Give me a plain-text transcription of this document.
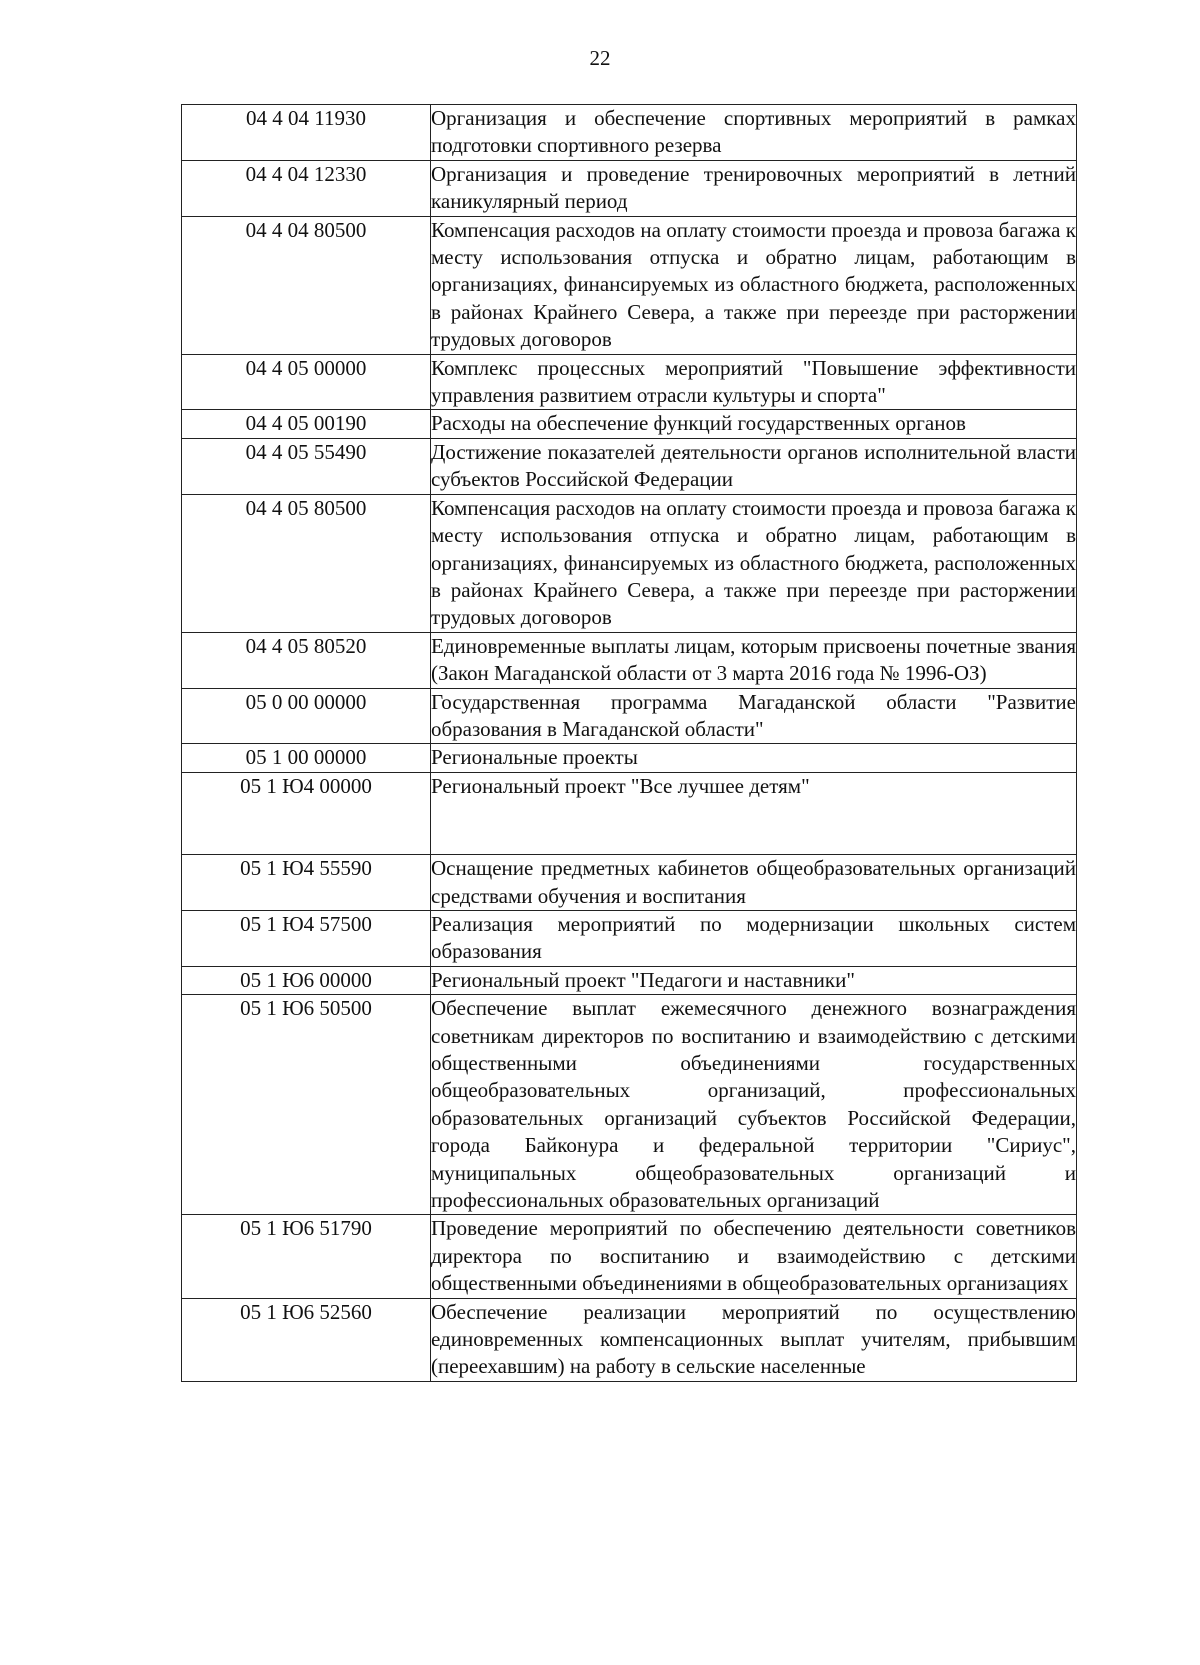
22
04 4 04 11930	Организация и обеспечение спортивных мероприятий в рамках подготовки спортивного резерва
04 4 04 12330	Организация и проведение тренировочных мероприятий в летний каникулярный период
04 4 04 80500	Компенсация расходов на оплату стоимости проезда и провоза багажа к месту использования отпуска и обратно лицам, работающим в организациях, финансируемых из областного бюджета, расположенных в районах Крайнего Севера, а также при переезде при расторжении трудовых договоров
04 4 05 00000	Комплекс процессных мероприятий "Повышение эффективности управления развитием отрасли культуры и спорта"
04 4 05 00190	Расходы на обеспечение функций государственных органов
04 4 05 55490	Достижение показателей деятельности органов исполнительной власти субъектов Российской Федерации
04 4 05 80500	Компенсация расходов на оплату стоимости проезда и провоза багажа к месту использования отпуска и обратно лицам, работающим в организациях, финансируемых из областного бюджета, расположенных в районах Крайнего Севера, а также при переезде при расторжении трудовых договоров
04 4 05 80520	Единовременные выплаты лицам, которым присвоены почетные звания (Закон Магаданской области от 3 марта 2016 года № 1996-ОЗ)
05 0 00 00000	Государственная программа Магаданской области "Развитие образования в Магаданской области"
05 1 00 00000	Региональные проекты
05 1 Ю4 00000	Региональный проект "Все лучшее детям"

05 1 Ю4 55590	Оснащение предметных кабинетов общеобразовательных организаций средствами обучения и воспитания
05 1 Ю4 57500	Реализация мероприятий по модернизации школьных систем образования
05 1 Ю6 00000	Региональный проект "Педагоги и наставники"
05 1 Ю6 50500	Обеспечение выплат ежемесячного денежного вознаграждения советникам директоров по воспитанию и взаимодействию с детскими общественными объединениями государственных общеобразовательных организаций, профессиональных образовательных организаций субъектов Российской Федерации, города Байконура и федеральной территории "Сириус", муниципальных общеобразовательных организаций и профессиональных образовательных организаций
05 1 Ю6 51790	Проведение мероприятий по обеспечению деятельности советников директора по воспитанию и взаимодействию с детскими общественными объединениями в общеобразовательных организациях
05 1 Ю6 52560	Обеспечение реализации мероприятий по осуществлению единовременных компенсационных выплат учителям, прибывшим (переехавшим) на работу в сельские населенные
